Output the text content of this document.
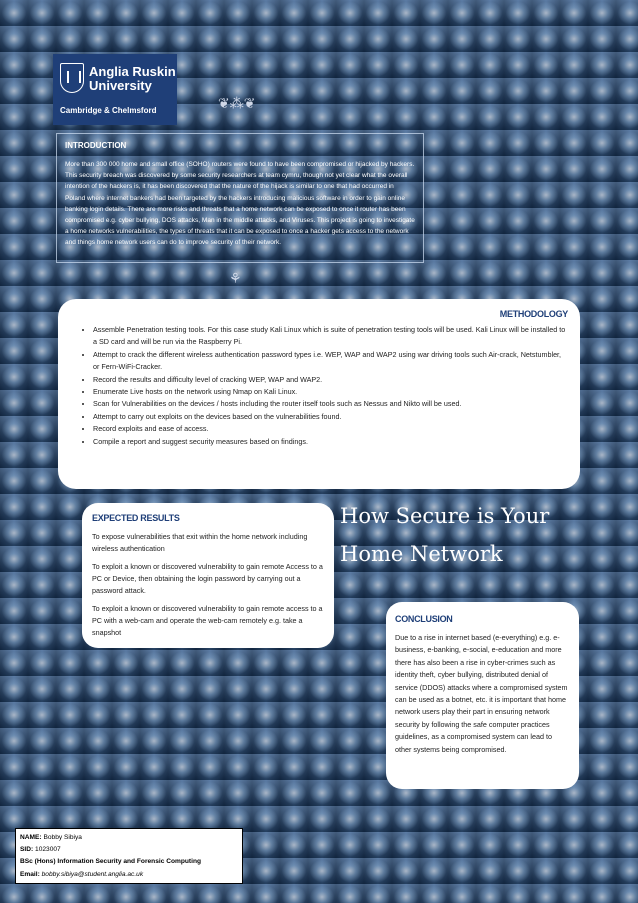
Anglia Ruskin
University
Cambridge & Chelmsford	❦⁂❦
⚘
INTRODUCTION

More than 300 000 home and small office (SOHO) routers were found to have been compromised or hijacked by hackers. This security breach was discovered by some security researchers at team cymru, though not yet clear what the overall intention of the hackers is, it has been discovered that the nature of the hijack is similar to one that had occurred in Poland where internet bankers had been targeted by the hackers introducing malicious software in order to gain online banking login details. There are more risks and threats that a home network can be exposed to once it router has been compromised e.g. cyber bullying, DOS attacks, Man in the middle attacks, and Viruses. This project is going to investigate a home networks vulnerabilities, the types of threats that it can be exposed to once a hacker gets access to the network and things home network users can do to improve security of their network.

METHODOLOGY
• Assemble Penetration testing tools. For this case study Kali Linux which is suite of penetration testing tools will be used. Kali Linux will be installed to a SD card and will be run via the Raspberry Pi.
• Attempt to crack the different wireless authentication password types i.e. WEP, WAP and WAP2 using war driving tools such Air-crack, Netstumbler, or Fern-WiFi-Cracker.
• Record the results and difficulty level of cracking WEP, WAP and WAP2.
• Enumerate Live hosts on the network using Nmap on Kali Linux.
• Scan for Vulnerabilities on the devices / hosts including the router itself tools such as Nessus and Nikto will be used.
• Attempt to carry out exploits on the devices based on the vulnerabilities found.
• Record exploits and ease of access.
• Compile a report and suggest security measures based on findings.
EXPECTED RESULTS

To expose vulnerabilities that exit within the home network including wireless authentication

To exploit a known or discovered vulnerability to gain remote Access to a PC or Device, then obtaining the login password by carrying out a password attack.

To exploit a known or discovered vulnerability to gain remote access to a PC with a web-cam and operate the web-cam remotely e.g. take a snapshot

How Secure is Your
Home Network
CONCLUSION

Due to a rise in internet based (e-everything) e.g. e-business, e-banking, e-social, e-education and more there has also been a rise in cyber-crimes such as identity theft, cyber bullying, distributed denial of service (DDOS) attacks where a compromised system can be used as a botnet, etc. it is important that home network users play their part in ensuring network security by following the safe computer practices guidelines, as a compromised system can lead to other systems being compromised.

NAME: Bobby Sibiya
SID: 1023007
BSc (Hons) Information Security and Forensic Computing
Email: bobby.sibiya@student.anglia.ac.uk
